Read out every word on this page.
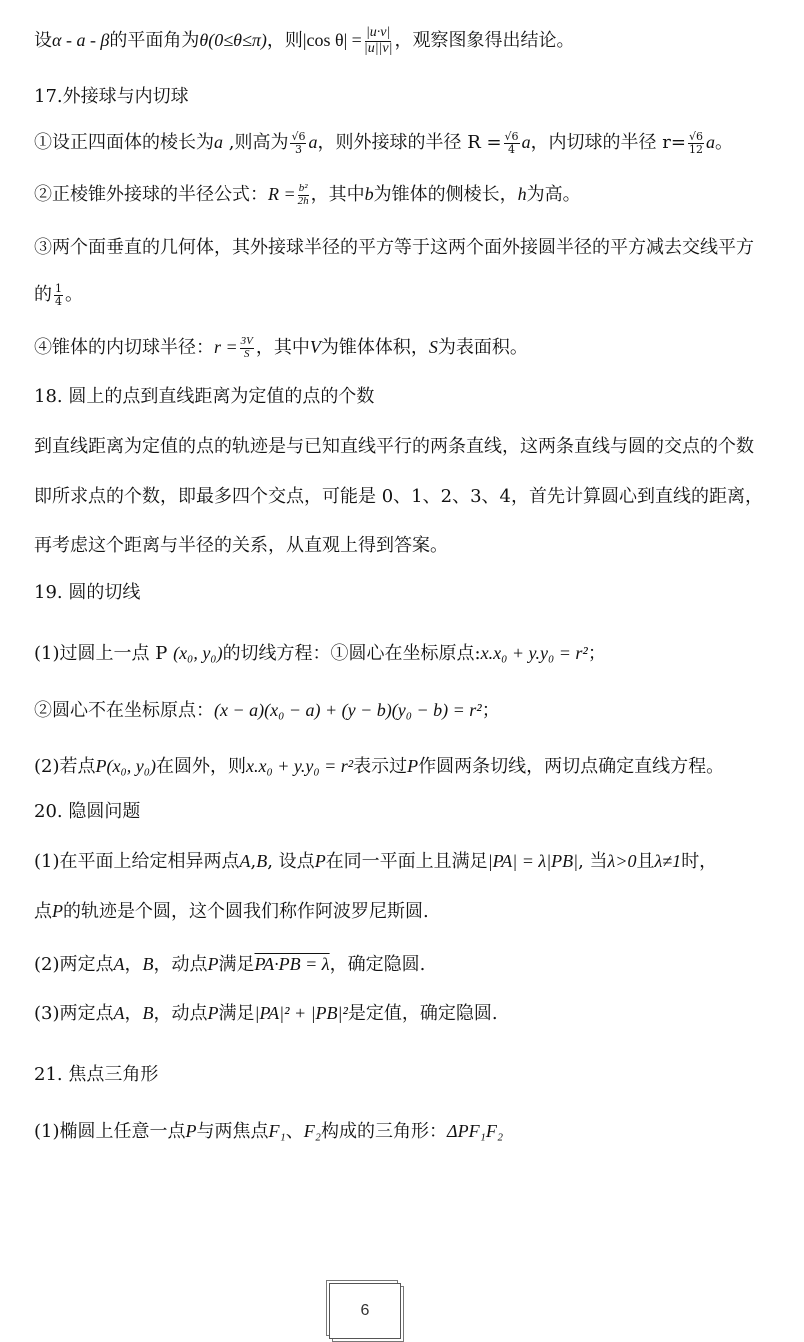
设α - a - β的平面角为θ(0≤θ≤π)，则|cos $\theta| = \frac{|u\cdot v|}{|u||v|}$ ，观察图象得出结论。
17.外接球与内切球
①设正四面体的棱长为a ,则高为 $\frac{√6}{3}$ a，则外接球的半径 $R = \frac{√6}{4}$ a，内切球的半径 $r= \frac{√6}{12}$ a。
②正棱锥外接球的半径公式：$R = \frac{\text{b²}}{2h}$ ，其中b为锥体的侧棱长，h为高。
③两个面垂直的几何体，其外接球半径的平方等于这两个面外接圆半径的平方减去交线平方
的 $\frac{1}{4}$ 。
④锥体的内切球半径：$r = \frac{3V}{S}$ ，其中V为锥体体积，S为表面积。
18. 圆上的点到直线距离为定值的点的个数
到直线距离为定值的点的轨迹是与已知直线平行的两条直线，这两条直线与圆的交点的个数
即所求点的个数，即最多四个交点，可能是 0、1、2、3、4，首先计算圆心到直线的距离，
再考虑这个距离与半径的关系，从直观上得到答案。
19. 圆的切线
(1)过圆上一点 P (x₀, y₀)的切线方程：①圆心在坐标原点:x.x₀ + y.y₀ = r²；
②圆心不在坐标原点：(x − a)(x₀ − a) + (y − b)(y₀ − b) = r²；
(2)若点P(x₀, y₀)在圆外，则x.x₀ + y.y₀ = r²表示过P作圆两条切线，两切点确定直线方程。
20. 隐圆问题
(1)在平面上给定相异两点A,B, 设点P在同一平面上且满足|PA| = λ|PB|, 当λ>0且λ≠1时，
点P的轨迹是个圆，这个圆我们称作阿波罗尼斯圆.
(2)两定点A，B，动点P满足PA·PB = λ，确定隐圆.
(3)两定点A，B，动点P满足|PA|² + |PB|²是定值，确定隐圆.
21. 焦点三角形
(1)椭圆上任意一点P与两焦点F₁、F₂构成的三角形：ΔPF₁F₂
6
